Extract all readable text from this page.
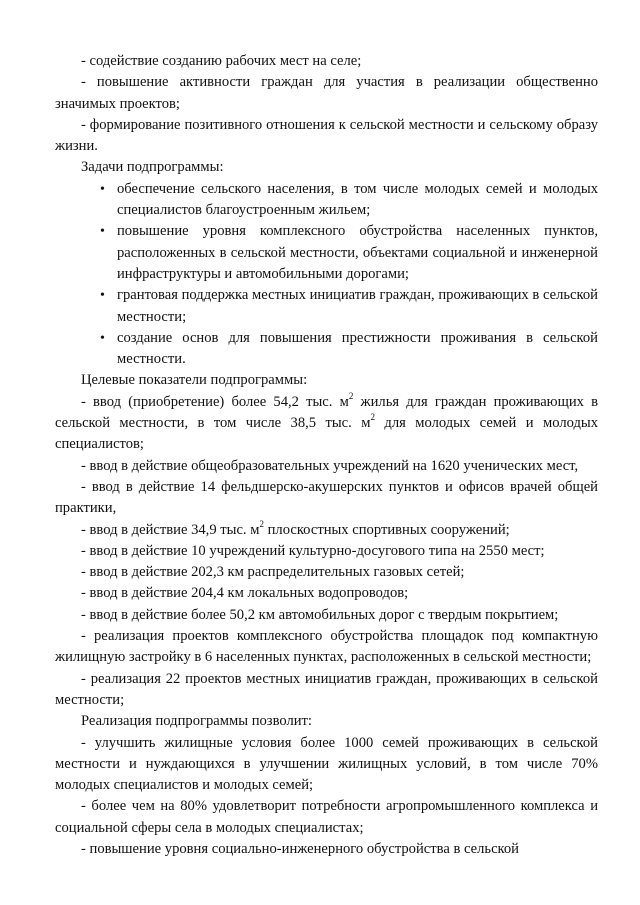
- содействие созданию рабочих мест на селе;

- повышение активности граждан для участия в реализации общественно значимых проектов;

- формирование позитивного отношения к сельской местности и сельскому образу жизни.

Задачи подпрограммы:

• обеспечение сельского населения, в том числе молодых семей и молодых специалистов благоустроенным жильем;
• повышение уровня комплексного обустройства населенных пунктов, расположенных в сельской местности, объектами социальной и инженерной инфраструктуры и автомобильными дорогами;
• грантовая поддержка местных инициатив граждан, проживающих в сельской местности;
• создание основ для повышения престижности проживания в сельской местности.

Целевые показатели подпрограммы:

- ввод (приобретение) более 54,2 тыс. $м^2$ жилья для граждан проживающих в сельской местности, в том числе 38,5 тыс. $м^2$ для молодых семей и молодых специалистов;

- ввод в действие общеобразовательных учреждений на 1620 ученических мест,

- ввод в действие 14 фельдшерско-акушерских пунктов и офисов врачей общей практики,

- ввод в действие 34,9 тыс. $м^2$ плоскостных спортивных сооружений;

- ввод в действие 10 учреждений культурно-досугового типа на 2550 мест;

- ввод в действие 202,3 км распределительных газовых сетей;

- ввод в действие 204,4 км локальных водопроводов;

- ввод в действие более 50,2 км автомобильных дорог с твердым покрытием;

- реализация проектов комплексного обустройства площадок под компактную жилищную застройку в 6 населенных пунктах, расположенных в сельской местности;

- реализация 22 проектов местных инициатив граждан, проживающих в сельской местности;

Реализация подпрограммы позволит:

- улучшить жилищные условия более 1000 семей проживающих в сельской местности и нуждающихся в улучшении жилищных условий, в том числе 70% молодых специалистов и молодых семей;

- более чем на 80% удовлетворит потребности агропромышленного комплекса и социальной сферы села в молодых специалистах;

- повышение уровня социально-инженерного обустройства в сельской
